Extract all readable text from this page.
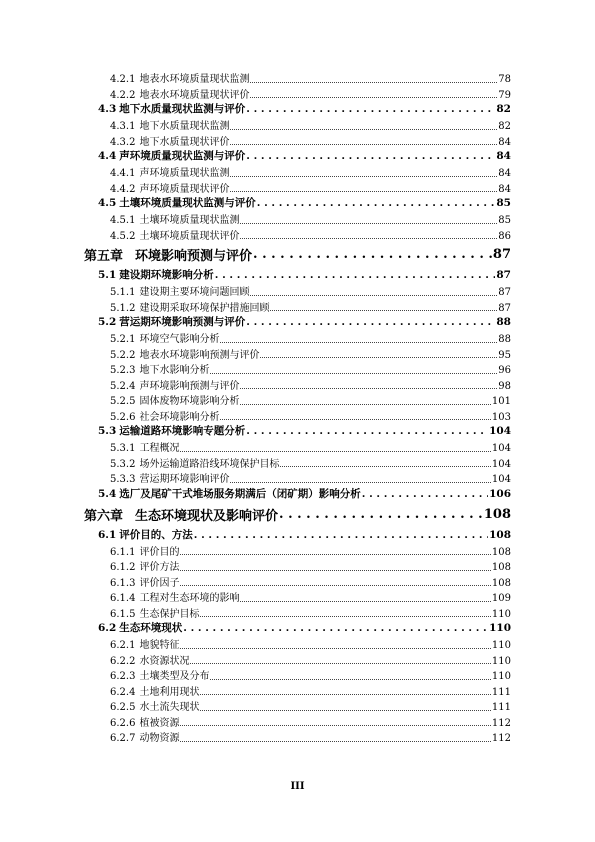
4.2.1 地表水环境质量现状监测	78
4.2.2 地表水环境质量现状评价	79
4.3 地下水质量现状监测与评价 . . .	82
4.3.1 地下水质量现状监测	82
4.3.2 地下水质量现状评价	84
4.4 声环境质量现状监测与评价 . . .	84
4.4.1 声环境质量现状监测	84
4.4.2 声环境质量现状评价	84
4.5 土壤环境质量现状监测与评价 . . .	85
4.5.1 土壤环境质量现状监测	85
4.5.2 土壤环境质量现状评价	86
第五章 环境影响预测与评价 . . .	87
5.1 建设期环境影响分析 . . .	87
5.1.1 建设期主要环境问题回顾	87
5.1.2 建设期采取环境保护措施回顾	87
5.2 营运期环境影响预测与评价 . . .	88
5.2.1 环境空气影响分析	88
5.2.2 地表水环境影响预测与评价	95
5.2.3 地下水影响分析	96
5.2.4 声环境影响预测与评价	98
5.2.5 固体废物环境影响分析	101
5.2.6 社会环境影响分析	103
5.3 运输道路环境影响专题分析 . . .	104
5.3.1 工程概况	104
5.3.2 场外运输道路沿线环境保护目标	104
5.3.3 营运期环境影响评价	104
5.4 选厂及尾矿干式堆场服务期满后（闭矿期）影响分析 . . .	106
第六章 生态环境现状及影响评价 . . .	108
6.1 评价目的、方法 . . .	108
6.1.1 评价目的	108
6.1.2 评价方法	108
6.1.3 评价因子	108
6.1.4 工程对生态环境的影响	109
6.1.5 生态保护目标	110
6.2 生态环境现状 . . .	110
6.2.1 地貌特征	110
6.2.2 水资源状况	110
6.2.3 土壤类型及分布	110
6.2.4 土地利用现状	111
6.2.5 水土流失现状	111
6.2.6 植被资源	112
6.2.7 动物资源	112
III
